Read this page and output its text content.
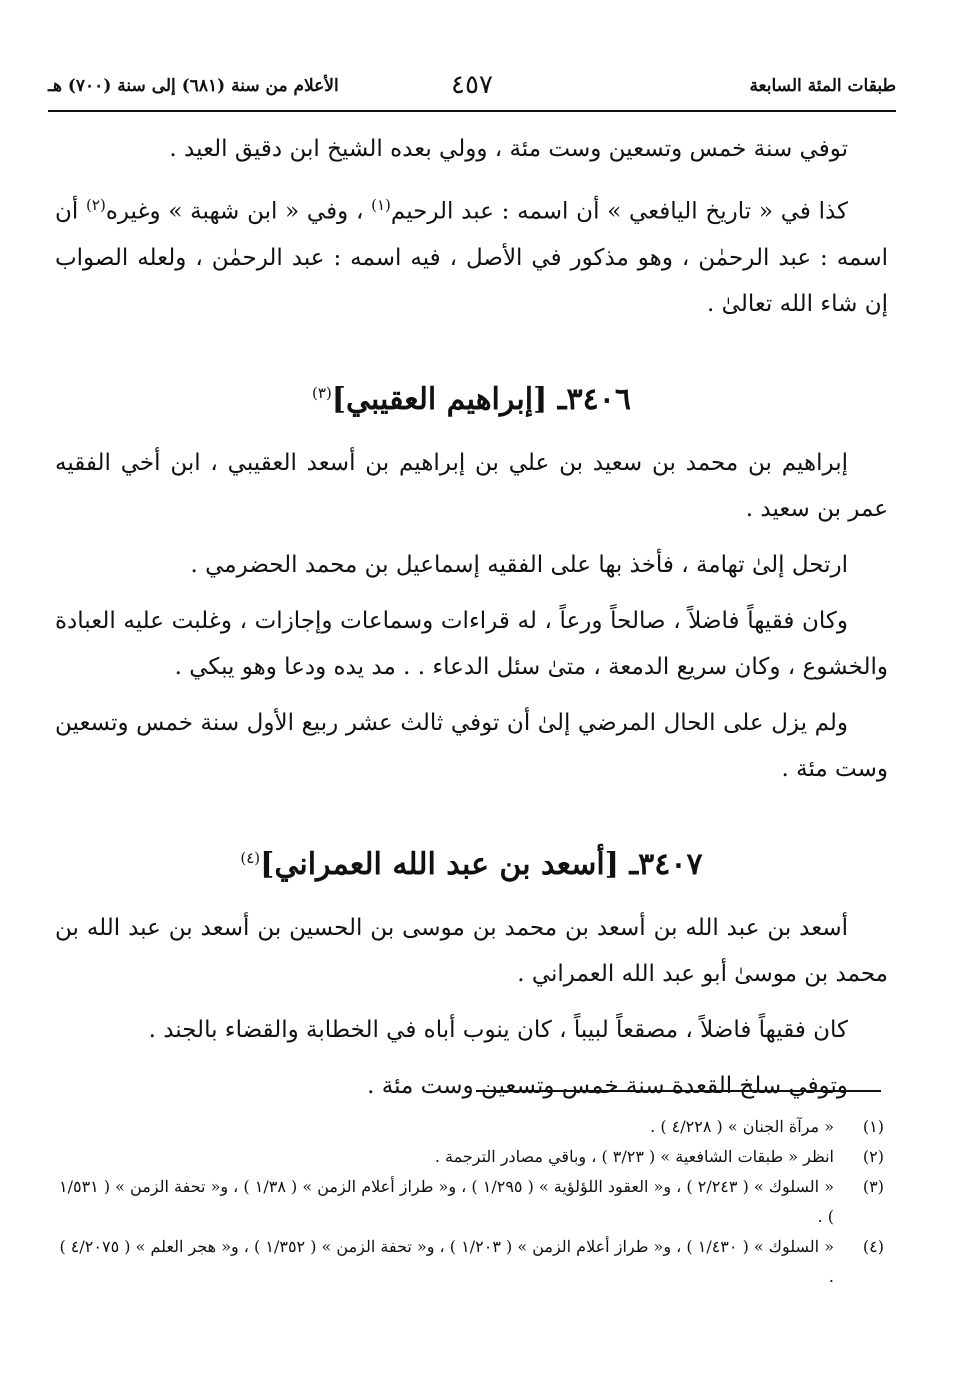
طبقات المئة السابعة
٤٥٧
الأعلام من سنة (٦٨١) إلى سنة (٧٠٠) هـ

توفي سنة خمس وتسعين وست مئة ، وولي بعده الشيخ ابن دقيق العيد .

كذا في « تاريخ اليافعي » أن اسمه : عبد الرحيم$^{(١)}$ ، وفي « ابن شهبة » وغيره$^{(٢)}$ أن اسمه : عبد الرحمٰن ، وهو مذكور في الأصل ، فيه اسمه : عبد الرحمٰن ، ولعله الصواب إن شاء الله تعالىٰ .

٣٤٠٦ـ [إبراهيم العقيبي]$^{(٣)}$

إبراهيم بن محمد بن سعيد بن علي بن إبراهيم بن أسعد العقيبي ، ابن أخي الفقيه عمر بن سعيد .

ارتحل إلىٰ تهامة ، فأخذ بها على الفقيه إسماعيل بن محمد الحضرمي .

وكان فقيهاً فاضلاً ، صالحاً ورعاً ، له قراءات وسماعات وإجازات ، وغلبت عليه العبادة والخشوع ، وكان سريع الدمعة ، متىٰ سئل الدعاء . . مد يده ودعا وهو يبكي .

ولم يزل على الحال المرضي إلىٰ أن توفي ثالث عشر ربيع الأول سنة خمس وتسعين وست مئة .

٣٤٠٧ـ [أسعد بن عبد الله العمراني]$^{(٤)}$

أسعد بن عبد الله بن أسعد بن محمد بن موسى بن الحسين بن أسعد بن عبد الله بن محمد بن موسىٰ أبو عبد الله العمراني .

كان فقيهاً فاضلاً ، مصقعاً لبيباً ، كان ينوب أباه في الخطابة والقضاء بالجند .

وتوفي سلخ القعدة سنة خمس وتسعين وست مئة .

(١)
« مرآة الجنان » ( ٤/٢٢٨ ) .
(٢)
انظر « طبقات الشافعية » ( ٣/٢٣ ) ، وباقي مصادر الترجمة .
(٣)
« السلوك » ( ٢/٢٤٣ ) ، و« العقود اللؤلؤية » ( ١/٢٩٥ ) ، و« طراز أعلام الزمن » ( ١/٣٨ ) ، و« تحفة الزمن » ( ١/٥٣١ ) .
(٤)
« السلوك » ( ١/٤٣٠ ) ، و« طراز أعلام الزمن » ( ١/٢٠٣ ) ، و« تحفة الزمن » ( ١/٣٥٢ ) ، و« هجر العلم » ( ٤/٢٠٧٥ ) .
